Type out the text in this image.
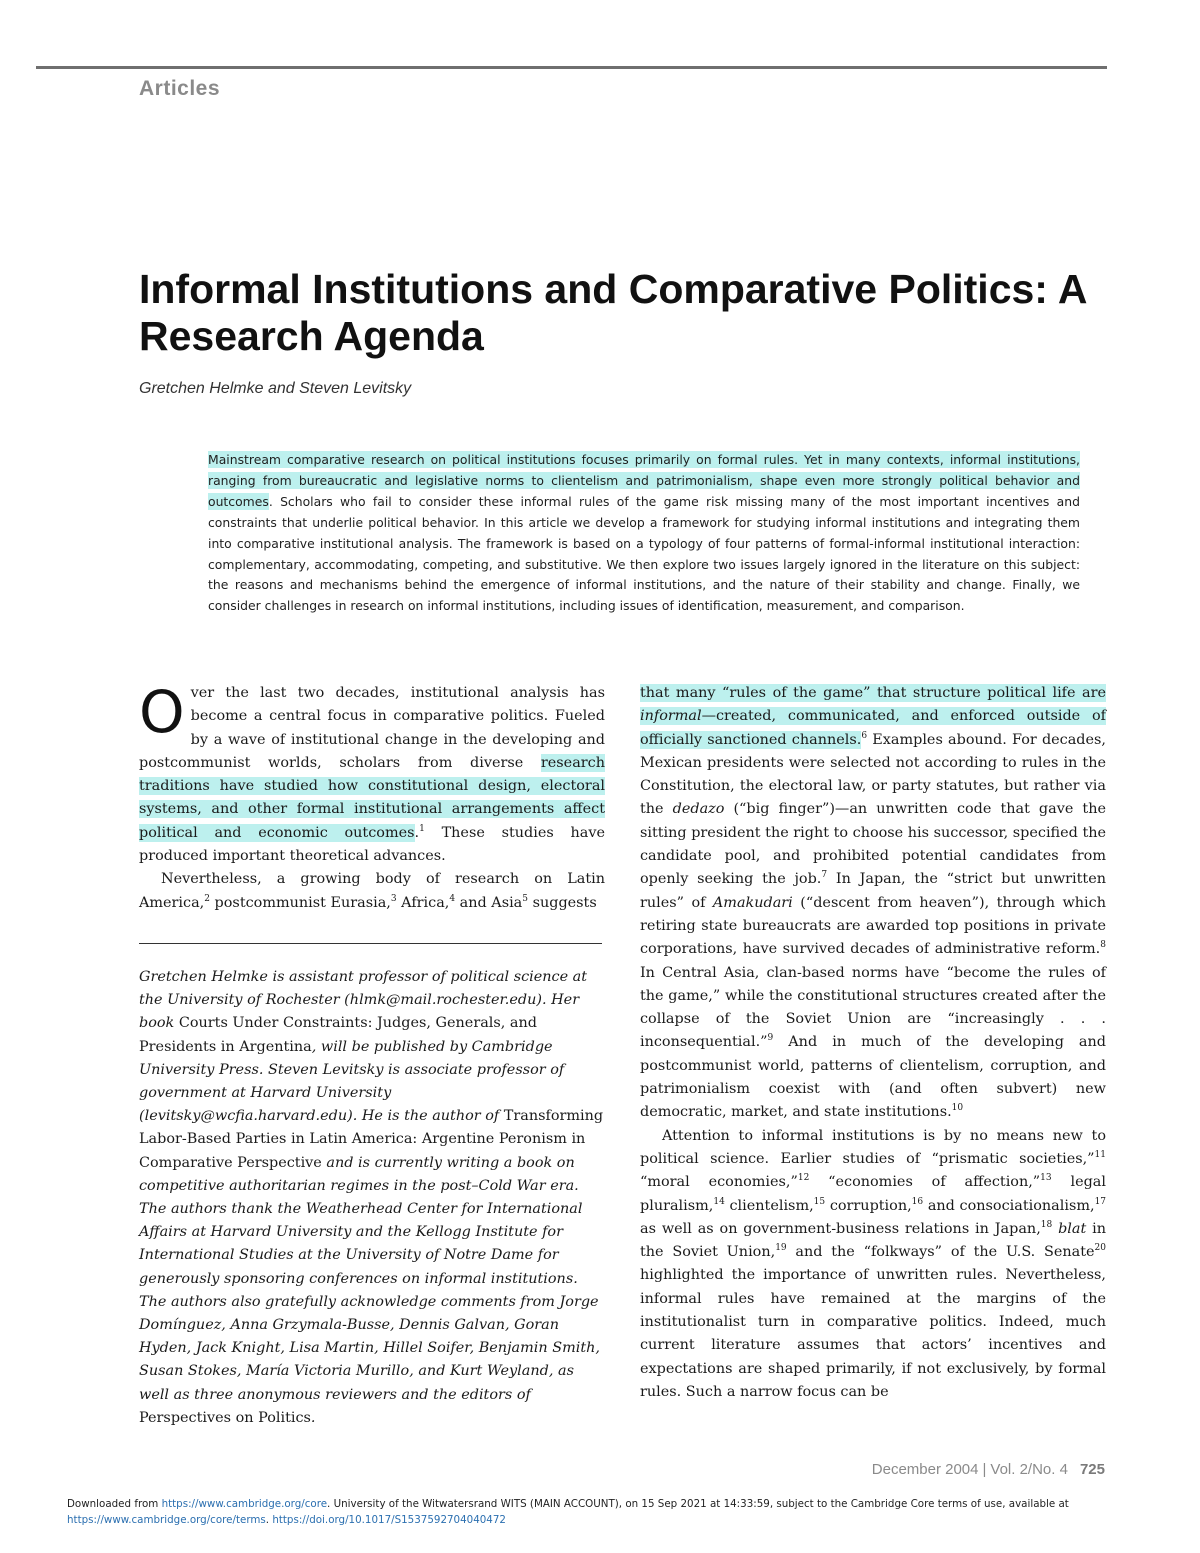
Articles
Informal Institutions and Comparative Politics: A Research Agenda
Gretchen Helmke and Steven Levitsky

Mainstream comparative research on political institutions focuses primarily on formal rules. Yet in many contexts, informal institutions, ranging from bureaucratic and legislative norms to clientelism and patrimonialism, shape even more strongly political behavior and outcomes. Scholars who fail to consider these informal rules of the game risk missing many of the most important incentives and constraints that underlie political behavior. In this article we develop a framework for studying informal institutions and integrating them into comparative institutional analysis. The framework is based on a typology of four patterns of formal-informal institutional interaction: complementary, accommodating, competing, and substitutive. We then explore two issues largely ignored in the literature on this subject: the reasons and mechanisms behind the emergence of informal institutions, and the nature of their stability and change. Finally, we consider challenges in research on informal institutions, including issues of identification, measurement, and comparison.

Over the last two decades, institutional analysis has become a central focus in comparative politics. Fueled by a wave of institutional change in the developing and postcommunist worlds, scholars from diverse research traditions have studied how constitutional design, electoral systems, and other formal institutional arrangements affect political and economic outcomes.$^1$ These studies have produced important theoretical advances.

Nevertheless, a growing body of research on Latin America,$^2$ postcommunist Eurasia,$^3$ Africa,$^4$ and Asia$^5$ suggests

Gretchen Helmke is assistant professor of political science at the University of Rochester (hlmk@mail.rochester.edu). Her book Courts Under Constraints: Judges, Generals, and Presidents in Argentina, will be published by Cambridge University Press. Steven Levitsky is associate professor of government at Harvard University (levitsky@wcfia.harvard.edu). He is the author of Transforming Labor-Based Parties in Latin America: Argentine Peronism in Comparative Perspective and is currently writing a book on competitive authoritarian regimes in the post–Cold War era. The authors thank the Weatherhead Center for International Affairs at Harvard University and the Kellogg Institute for International Studies at the University of Notre Dame for generously sponsoring conferences on informal institutions. The authors also gratefully acknowledge comments from Jorge Domínguez, Anna Grzymala-Busse, Dennis Galvan, Goran Hyden, Jack Knight, Lisa Martin, Hillel Soifer, Benjamin Smith, Susan Stokes, María Victoria Murillo, and Kurt Weyland, as well as three anonymous reviewers and the editors of Perspectives on Politics.

that many “rules of the game” that structure political life are informal—created, communicated, and enforced outside of officially sanctioned channels.$^6$ Examples abound. For decades, Mexican presidents were selected not according to rules in the Constitution, the electoral law, or party statutes, but rather via the dedazo (“big finger”)—an unwritten code that gave the sitting president the right to choose his successor, specified the candidate pool, and prohibited potential candidates from openly seeking the job.$^7$ In Japan, the “strict but unwritten rules” of Amakudari (“descent from heaven”), through which retiring state bureaucrats are awarded top positions in private corporations, have survived decades of administrative reform.$^8$ In Central Asia, clan-based norms have “become the rules of the game,” while the constitutional structures created after the collapse of the Soviet Union are “increasingly . . . inconsequential.”$^9$ And in much of the developing and postcommunist world, patterns of clientelism, corruption, and patrimonialism coexist with (and often subvert) new democratic, market, and state institutions.$^{10}$

Attention to informal institutions is by no means new to political science. Earlier studies of “prismatic societies,”$^{11}$ “moral economies,”$^{12}$ “economies of affection,”$^{13}$ legal pluralism,$^{14}$ clientelism,$^{15}$ corruption,$^{16}$ and consociationalism,$^{17}$ as well as on government-business relations in Japan,$^{18}$ blat in the Soviet Union,$^{19}$ and the “folkways” of the U.S. Senate$^{20}$ highlighted the importance of unwritten rules. Nevertheless, informal rules have remained at the margins of the institutionalist turn in comparative politics. Indeed, much current literature assumes that actors’ incentives and expectations are shaped primarily, if not exclusively, by formal rules. Such a narrow focus can be

December 2004 | Vol. 2/No. 4 725

Downloaded from https://www.cambridge.org/core. University of the Witwatersrand WITS (MAIN ACCOUNT), on 15 Sep 2021 at 14:33:59, subject to the Cambridge Core terms of use, available at https://www.cambridge.org/core/terms. https://doi.org/10.1017/S1537592704040472
